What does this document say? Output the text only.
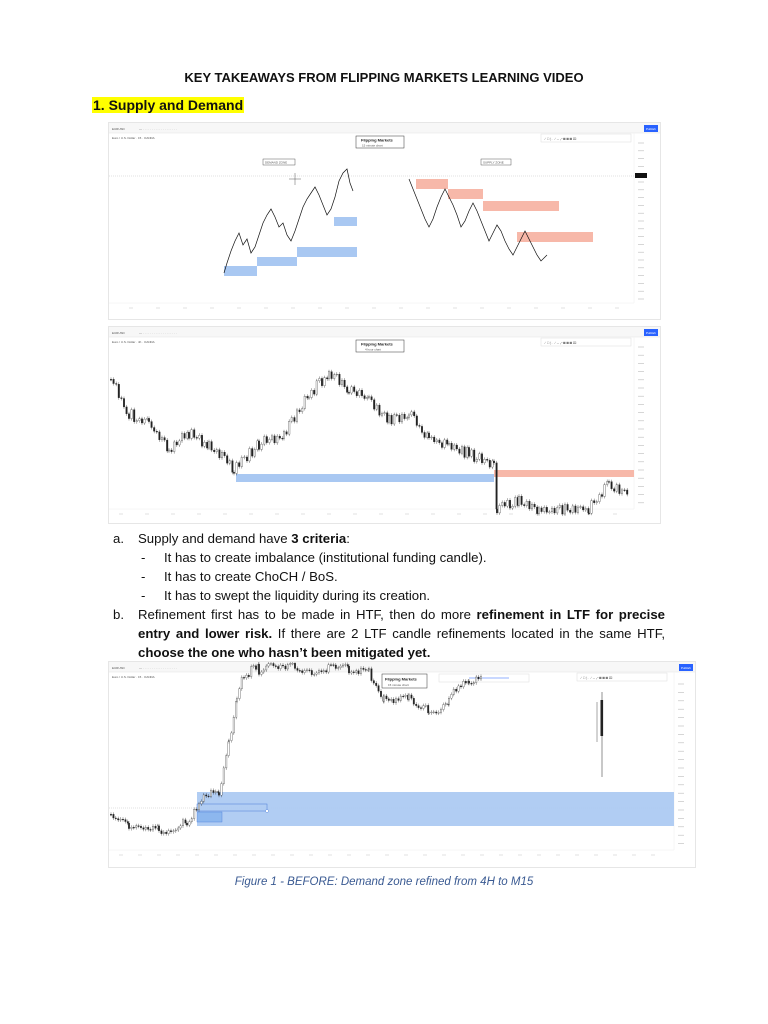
KEY TAKEAWAYS FROM FLIPPING MARKETS LEARNING VIDEO
1. Supply and Demand
EURUSD	— · · · · · · · · · · · · · · · · · · ·	Publish
Euro / U.S. Dollar · 15 · OANDA	⟋ ☐ ⟆ · ⟋ ─ ⤢ ▦ ▦ ▦ ⌧
Flipping Markets
15 minute chart
DEMAND ZONE	SUPPLY ZONE
EURUSD	— · · · · · · · · · · · · · · · · · · ·	Publish
Euro / U.S. Dollar · 4h · OANDA	⟋ ☐ ⟆ · ⟋ ─ ⤢ ▦ ▦ ▦ ⌧
Flipping Markets
4 hour chart
a. Supply and demand have 3 criteria:
- It has to create imbalance (institutional funding candle).
- It has to create ChoCH / BoS.
- It has to swept the liquidity during its creation.
b. Refinement first has to be made in HTF, then do more refinement in LTF for precise entry and lower risk. If there are 2 LTF candle refinements located in the same HTF, choose the one who hasn’t been mitigated yet.
EURUSD	— · · · · · · · · · · · · · · · · · · ·	Publish
Euro / U.S. Dollar · 15 · OANDA	⟋ ☐ ⟆ · ⟋ ─ ⤢ ▦ ▦ ▦ ⌧
Flipping Markets
15 minute chart
Figure 1 - BEFORE: Demand zone refined from 4H to M15
